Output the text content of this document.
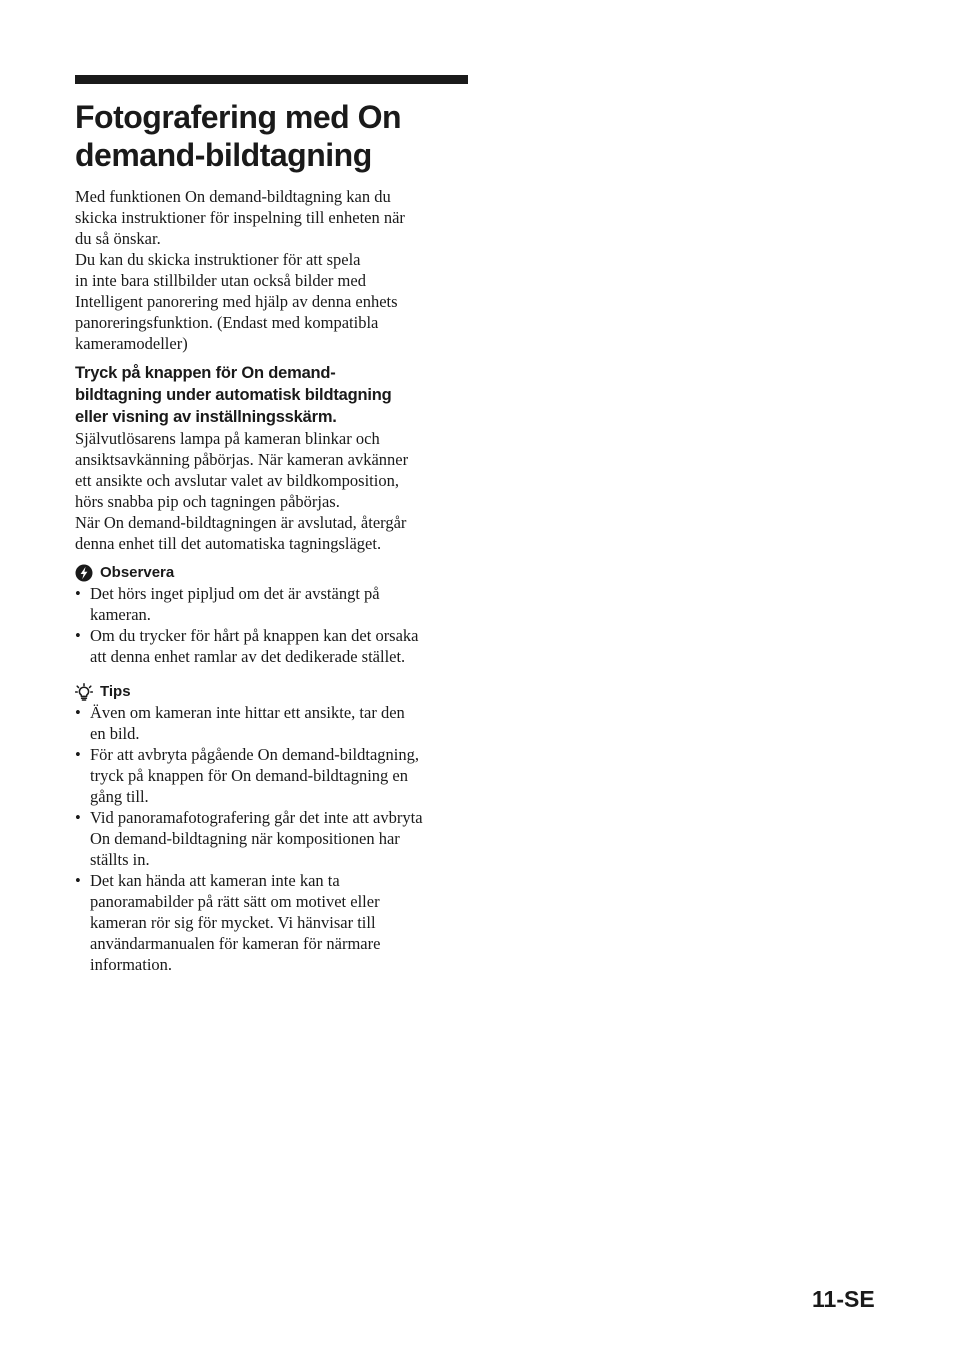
Fotografering med On
demand-bildtagning
Med funktionen On demand-bildtagning kan du
skicka instruktioner för inspelning till enheten när
du så önskar.
Du kan du skicka instruktioner för att spela
in inte bara stillbilder utan också bilder med
Intelligent panorering med hjälp av denna enhets
panoreringsfunktion. (Endast med kompatibla
kameramodeller)
Tryck på knappen för On demand-
bildtagning under automatisk bildtagning
eller visning av inställningsskärm.
Självutlösarens lampa på kameran blinkar och
ansiktsavkänning påbörjas. När kameran avkänner
ett ansikte och avslutar valet av bildkomposition,
hörs snabba pip och tagningen påbörjas.
När On demand-bildtagningen är avslutad, återgår
denna enhet till det automatiska tagningsläget.
Observera
• Det hörs inget pipljud om det är avstängt på
kameran.
• Om du trycker för hårt på knappen kan det orsaka
att denna enhet ramlar av det dedikerade stället.
Tips
• Även om kameran inte hittar ett ansikte, tar den
en bild.
• För att avbryta pågående On demand-bildtagning,
tryck på knappen för On demand-bildtagning en
gång till.
• Vid panoramafotografering går det inte att avbryta
On demand-bildtagning när kompositionen har
ställts in.
• Det kan hända att kameran inte kan ta
panoramabilder på rätt sätt om motivet eller
kameran rör sig för mycket. Vi hänvisar till
användarmanualen för kameran för närmare
information.
11-SE
